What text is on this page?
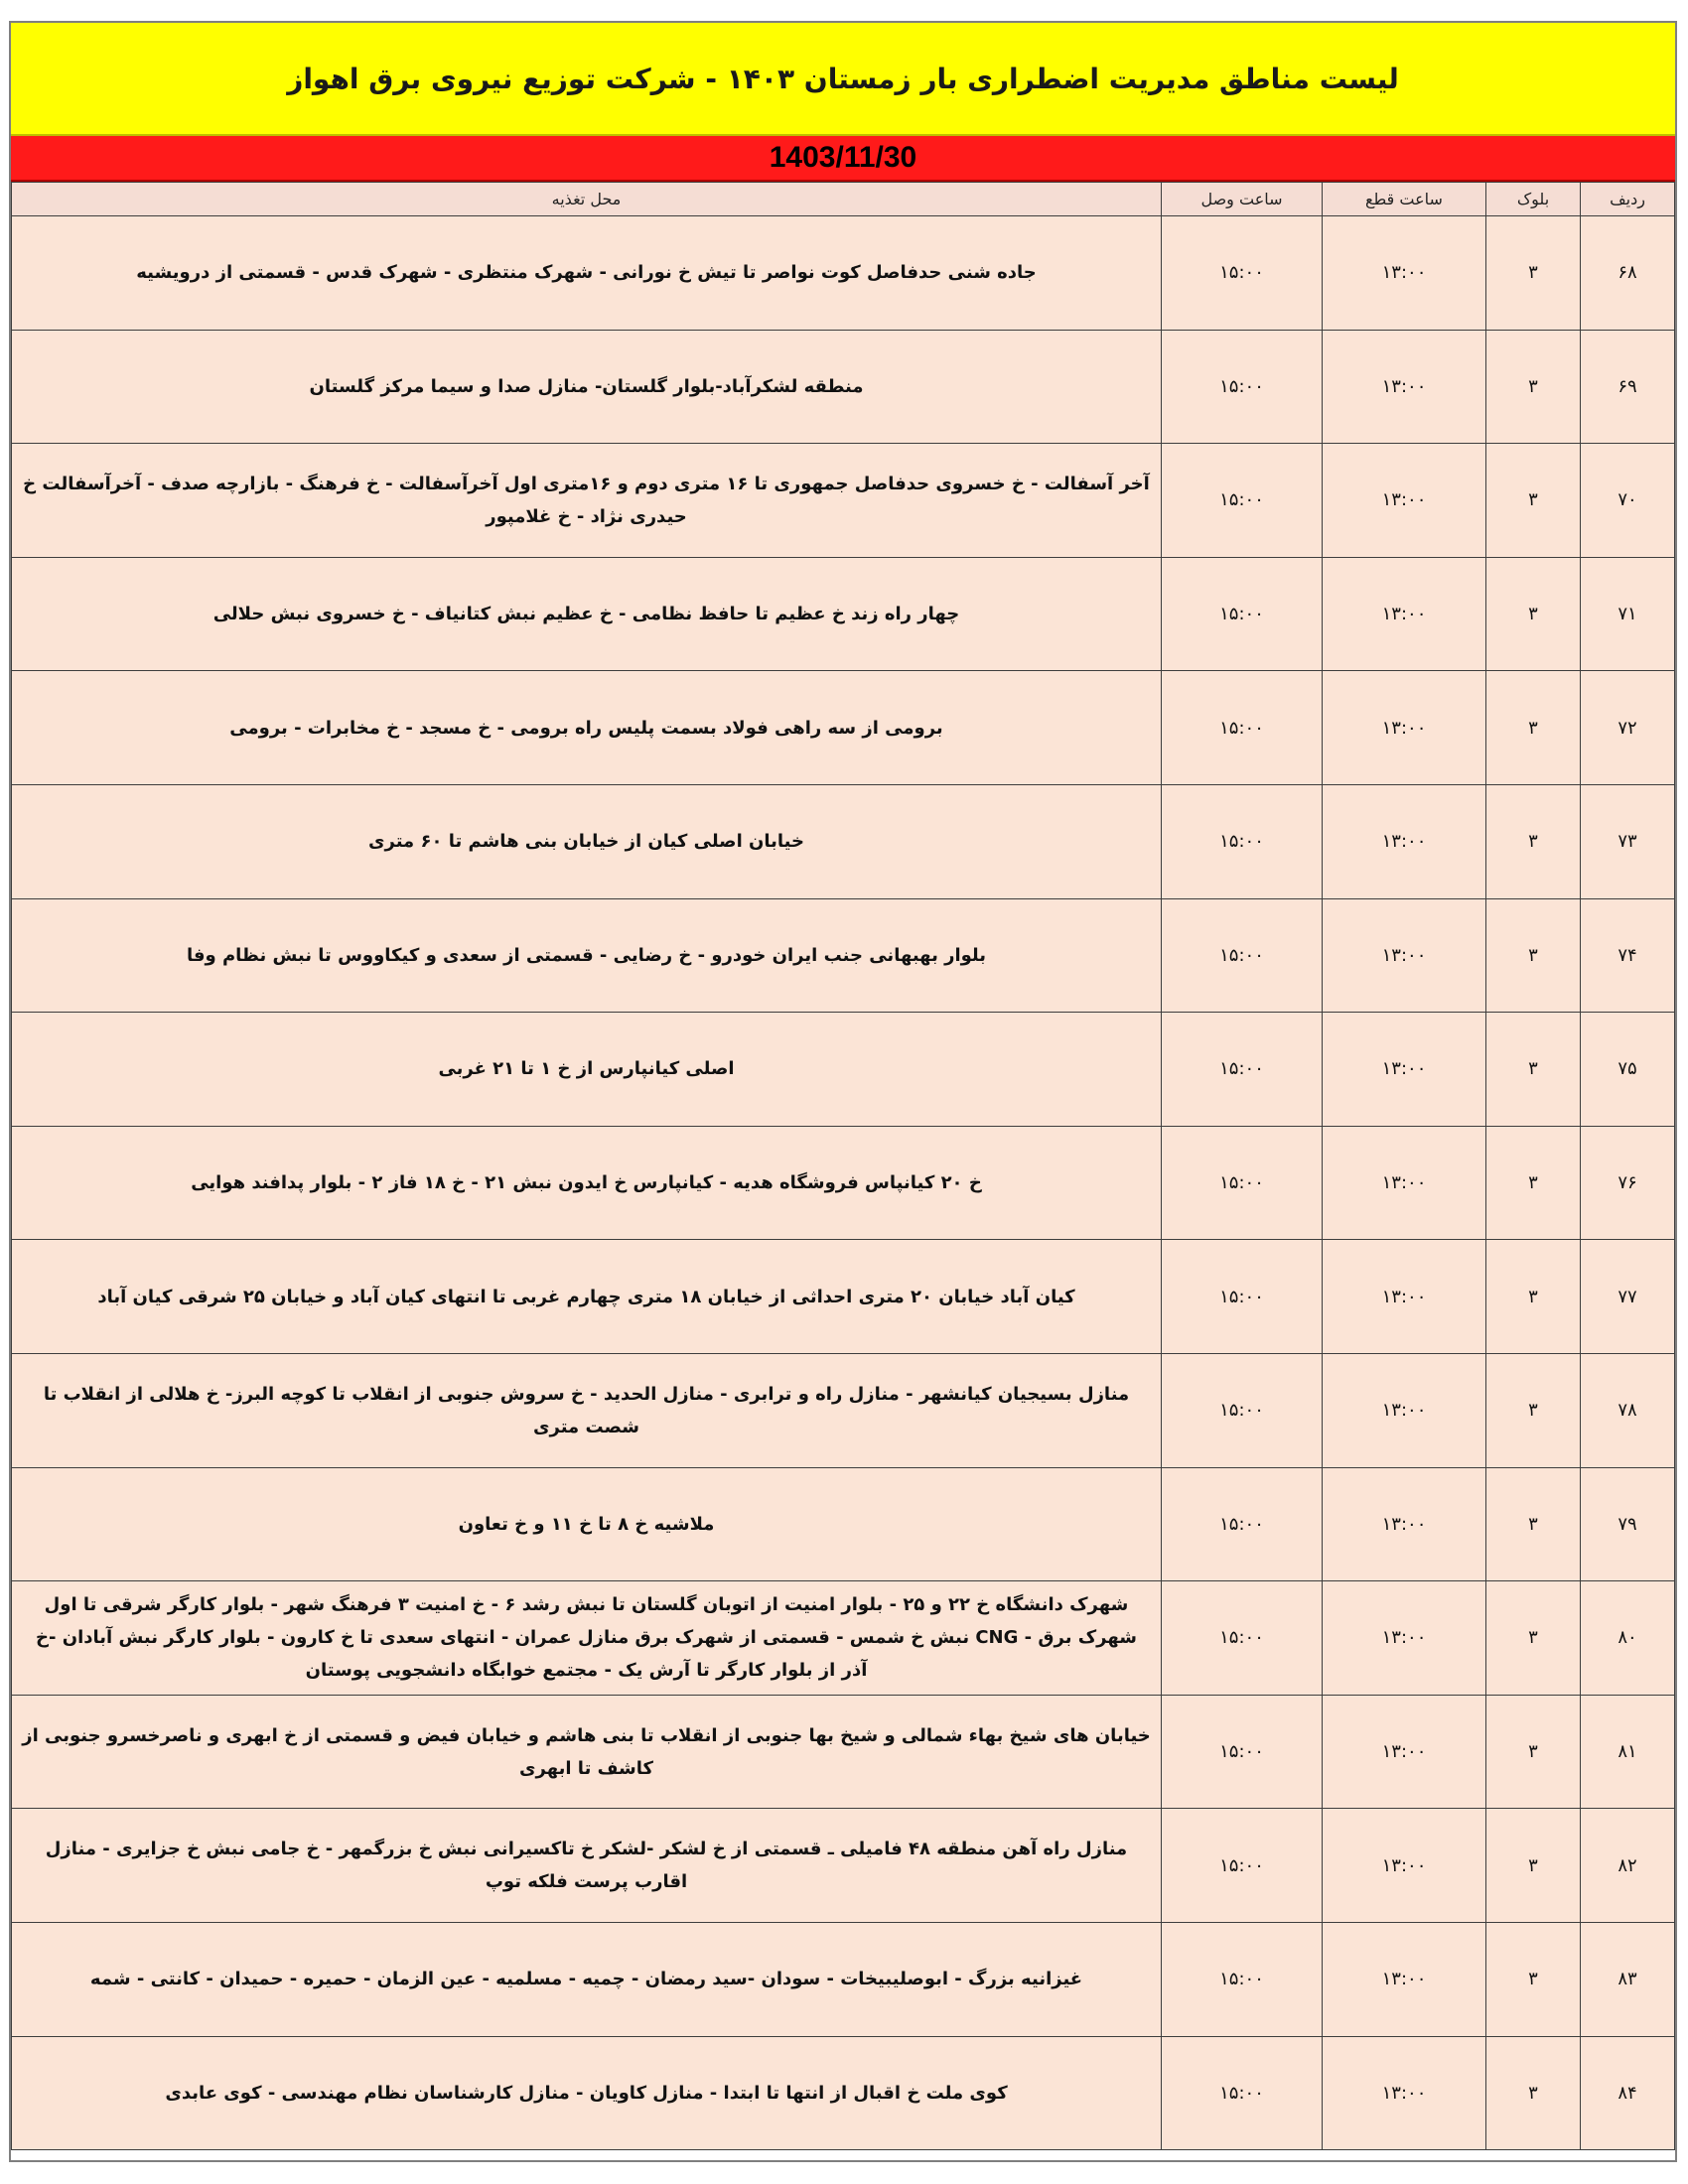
لیست مناطق مدیریت اضطراری بار زمستان ۱۴۰۳ - شرکت توزیع نیروی برق اهواز
1403/11/30
ردیف	بلوک	ساعت قطع	ساعت وصل	محل تغذیه
۶۸	۳	۱۳:۰۰	۱۵:۰۰	جاده شنی حدفاصل کوت نواصر تا تیش خ نورانی - شهرک منتظری - شهرک قدس - قسمتی از درویشیه
۶۹	۳	۱۳:۰۰	۱۵:۰۰	منطقه لشکرآباد-بلوار گلستان- منازل صدا و سیما مرکز گلستان
۷۰	۳	۱۳:۰۰	۱۵:۰۰	آخر آسفالت - خ خسروی حدفاصل جمهوری تا ۱۶ متری دوم و ۱۶متری اول آخرآسفالت - خ فرهنگ - بازارچه صدف - آخرآسفالت خ حیدری نژاد - خ غلامپور
۷۱	۳	۱۳:۰۰	۱۵:۰۰	چهار راه زند خ عظیم تا حافظ نظامی - خ عظیم نبش کتانیاف - خ خسروی نبش حلالی
۷۲	۳	۱۳:۰۰	۱۵:۰۰	برومی از سه راهی فولاد بسمت پلیس راه برومی - خ مسجد - خ مخابرات - برومی
۷۳	۳	۱۳:۰۰	۱۵:۰۰	خیابان اصلی کیان از خیابان بنی هاشم تا ۶۰ متری
۷۴	۳	۱۳:۰۰	۱۵:۰۰	بلوار بهبهانی جنب ایران خودرو - خ رضایی - قسمتی از سعدی و کیکاووس تا نبش نظام وفا
۷۵	۳	۱۳:۰۰	۱۵:۰۰	اصلی کیانپارس از خ ۱ تا ۲۱ غربی
۷۶	۳	۱۳:۰۰	۱۵:۰۰	خ ۲۰ کیانپاس فروشگاه هدیه - کیانپارس خ ایدون نبش ۲۱ - خ ۱۸ فاز ۲ - بلوار پدافند هوایی
۷۷	۳	۱۳:۰۰	۱۵:۰۰	کیان آباد خیابان ۲۰ متری احداثی از خیابان ۱۸ متری چهارم غربی تا انتهای کیان آباد و خیابان ۲۵ شرقی کیان آباد
۷۸	۳	۱۳:۰۰	۱۵:۰۰	منازل بسیجیان کیانشهر - منازل راه و ترابری - منازل الحدید - خ سروش جنوبی از انقلاب تا کوچه البرز- خ هلالی از انقلاب تا شصت متری
۷۹	۳	۱۳:۰۰	۱۵:۰۰	ملاشیه خ ۸ تا خ ۱۱ و خ تعاون
۸۰	۳	۱۳:۰۰	۱۵:۰۰	شهرک دانشگاه خ ۲۲ و ۲۵ - بلوار امنیت از اتوبان گلستان تا نبش رشد ۶ - خ امنیت ۳ فرهنگ شهر - بلوار کارگر شرقی تا اول شهرک برق - CNG نبش خ شمس - قسمتی از شهرک برق منازل عمران - انتهای سعدی تا خ کارون - بلوار کارگر نبش آبادان -خ آذر از بلوار کارگر تا آرش یک - مجتمع خوابگاه دانشجویی پوستان
۸۱	۳	۱۳:۰۰	۱۵:۰۰	خیابان های شیخ بهاء شمالی و شیخ بها جنوبی از انقلاب تا بنی هاشم و خیابان فیض و قسمتی از خ ابهری و ناصرخسرو جنوبی از کاشف تا ابهری
۸۲	۳	۱۳:۰۰	۱۵:۰۰	منازل راه آهن منطقه ۴۸ فامیلی ـ قسمتی از خ لشکر -لشکر خ تاکسیرانی نبش خ بزرگمهر - خ جامی نبش خ جزایری - منازل اقارب پرست فلکه توپ
۸۳	۳	۱۳:۰۰	۱۵:۰۰	غیزانیه بزرگ - ابوصلیبیخات - سودان -سید رمضان - چمیه - مسلمیه - عین الزمان - حمیره - حمیدان - کانتی - شمه
۸۴	۳	۱۳:۰۰	۱۵:۰۰	کوی ملت خ اقبال از انتها تا ابتدا - منازل کاویان - منازل کارشناسان نظام مهندسی - کوی عابدی
